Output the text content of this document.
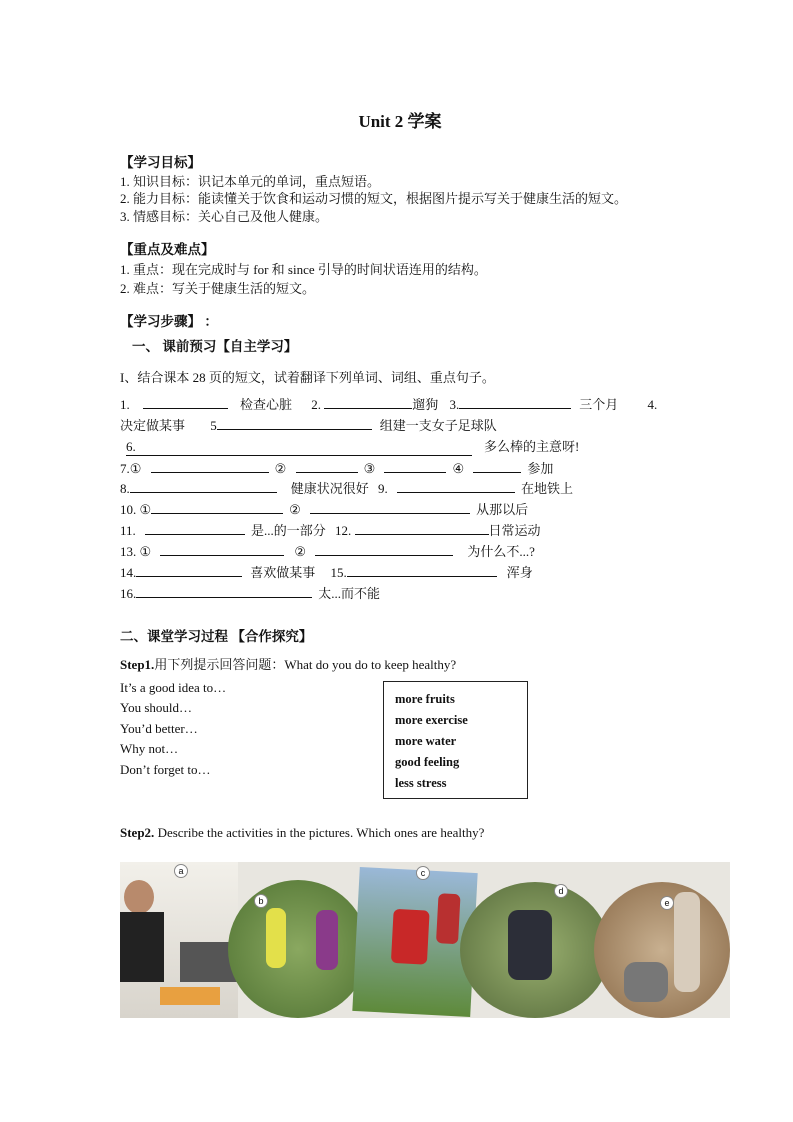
Unit 2 学案
【学习目标】
1. 知识目标：识记本单元的单词，重点短语。
2. 能力目标：能读懂关于饮食和运动习惯的短文，根据图片提示写关于健康生活的短文。
3. 情感目标：关心自己及他人健康。
【重点及难点】
1. 重点：现在完成时与 for 和 since 引导的时间状语连用的结构。
2. 难点：写关于健康生活的短文。
【学习步骤】 ：
一、 课前预习【自主学习】
I、结合课本 28 页的短文，试着翻译下列单词、词组、重点句子。
1.	检查心脏 2.	遛狗 3.	三个月 4.
决定做某事 5	组建一支女子足球队
6.	多么棒的主意呀!
7.①	②	③	④	参加
8.	健康状况很好 9.	在地铁上
10. ①	②	从那以后
11.	是...的一部分 12.	日常运动
13. ①	②	为什么不...?
14.	喜欢做某事 15.	浑身
16.	太...而不能
二、课堂学习过程 【合作探究】
Step1.用下列提示回答问题：What do you do to keep healthy?
It’s a good idea to…
You should…
You’d better…
Why not…
Don’t forget to…
more fruits
more exercise
more water
good feeling
less stress
Step2. Describe the activities in the pictures. Which ones are healthy?
a
b
c
d
e
